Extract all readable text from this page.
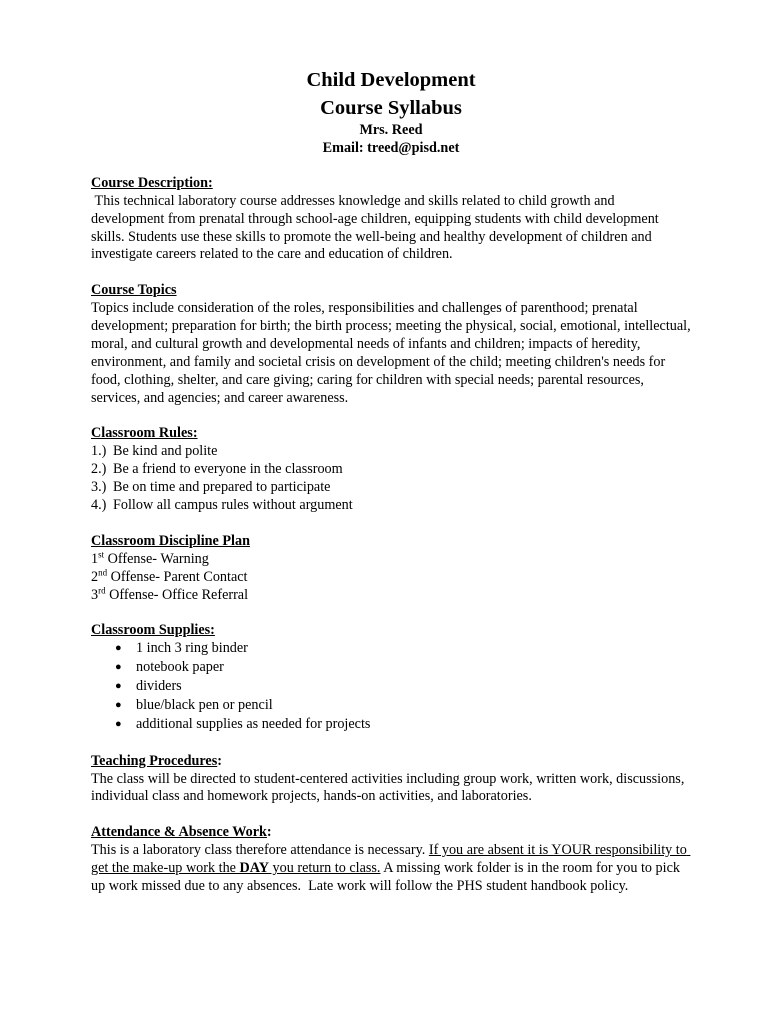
Child Development
Course Syllabus
Mrs. Reed
Email: treed@pisd.net
Course Description:

This technical laboratory course addresses knowledge and skills related to child growth and development from prenatal through school-age children, equipping students with child development skills. Students use these skills to promote the well-being and healthy development of children and investigate careers related to the care and education of children.

Course Topics

Topics include consideration of the roles, responsibilities and challenges of parenthood; prenatal development; preparation for birth; the birth process; meeting the physical, social, emotional, intellectual, moral, and cultural growth and developmental needs of infants and children; impacts of heredity, environment, and family and societal crisis on development of the child; meeting children's needs for food, clothing, shelter, and care giving; caring for children with special needs; parental resources, services, and agencies; and career awareness.

Classroom Rules:
1.) Be kind and polite
2.) Be a friend to everyone in the classroom
3.) Be on time and prepared to participate
4.) Follow all campus rules without argument
Classroom Discipline Plan
1st Offense- Warning
2nd Offense- Parent Contact
3rd Offense- Office Referral
Classroom Supplies:
●	1 inch 3 ring binder
●	notebook paper
●	dividers
●	blue/black pen or pencil
●	additional supplies as needed for projects
Teaching Procedures:

The class will be directed to student-centered activities including group work, written work, discussions, individual class and homework projects, hands-on activities, and laboratories.

Attendance & Absence Work:

This is a laboratory class therefore attendance is necessary. If you are absent it is YOUR responsibility to get the make-up work the DAY you return to class. A missing work folder is in the room for you to pick up work missed due to any absences.  Late work will follow the PHS student handbook policy.
